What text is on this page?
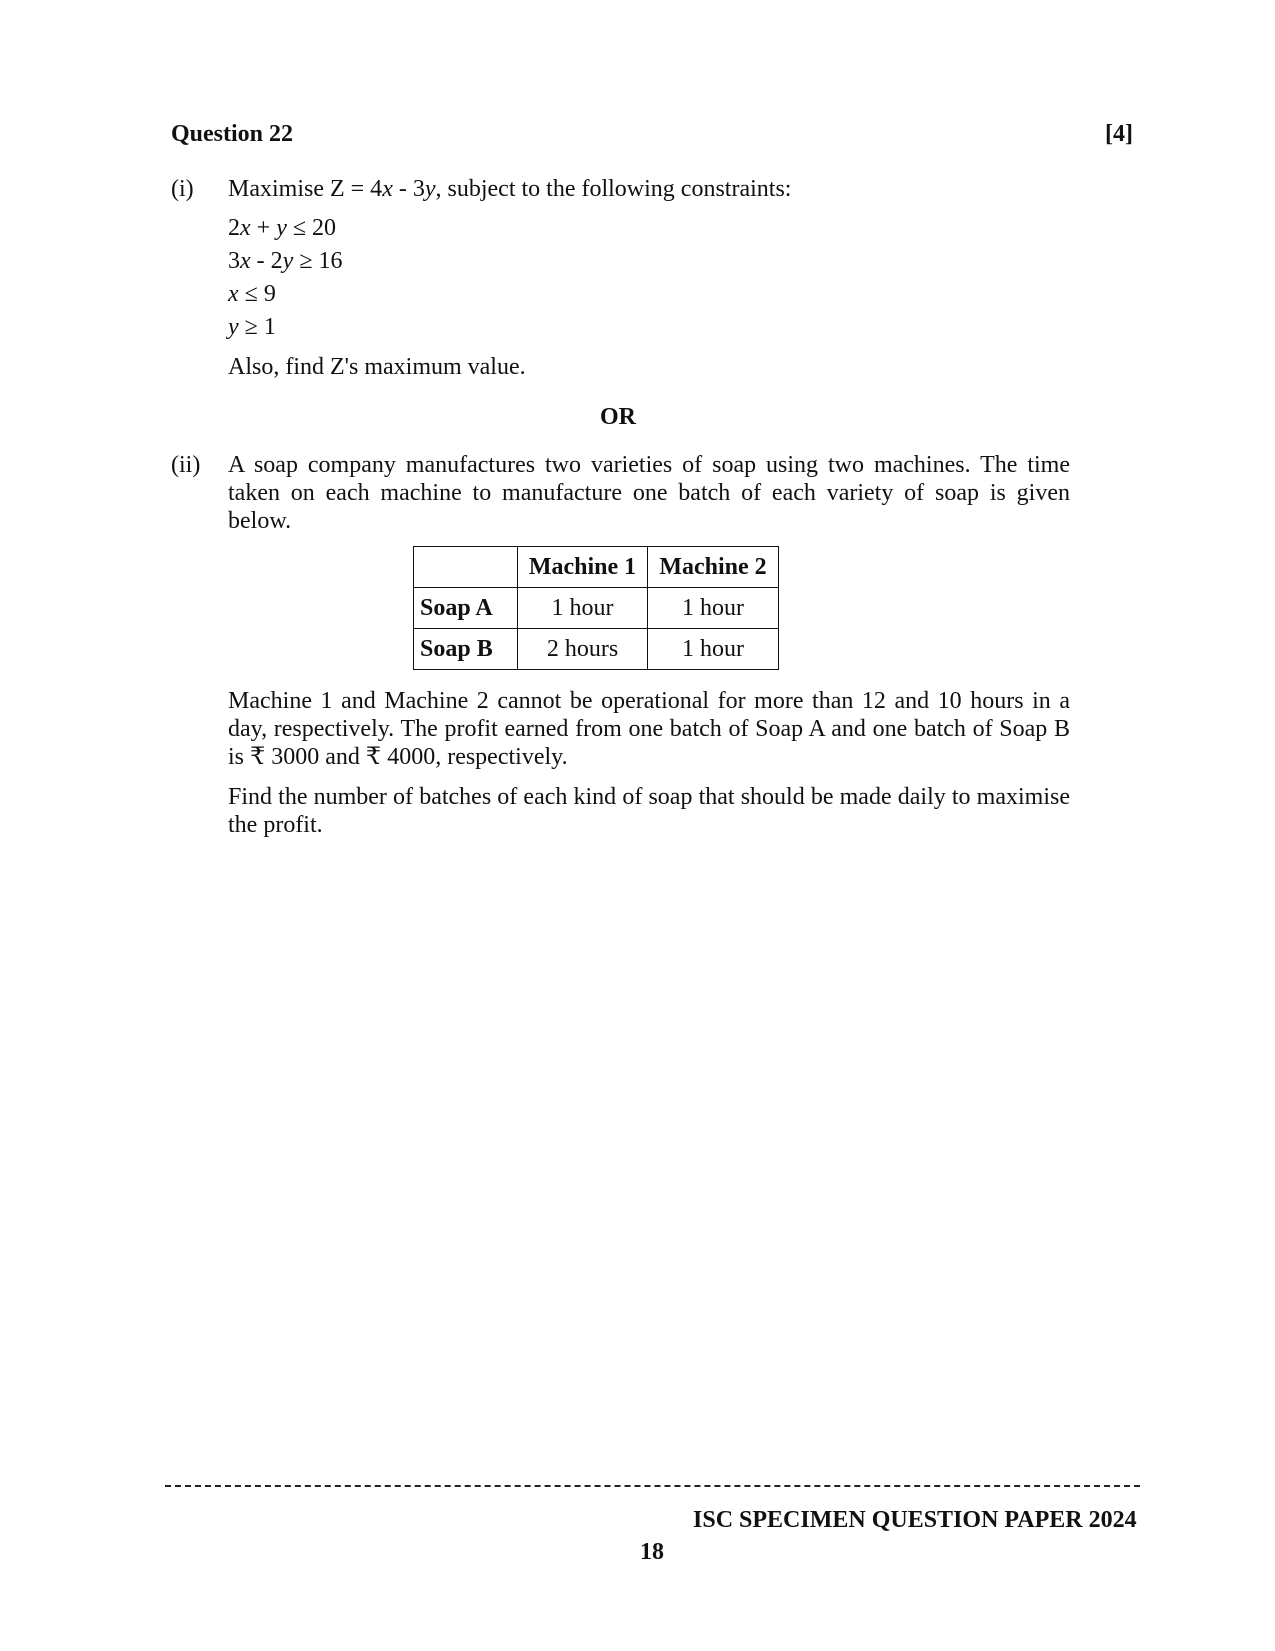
Question 22	[4]
(i) Maximise Z = 4x - 3y, subject to the following constraints:
2x + y ≤ 20
3x - 2y ≥ 16
x ≤ 9
y ≥ 1
Also, find Z's maximum value.
OR
(ii) A soap company manufactures two varieties of soap using two machines. The time taken on each machine to manufacture one batch of each variety of soap is given below.
	Machine 1	Machine 2
Soap A	1 hour	1 hour
Soap B	2 hours	1 hour
Machine 1 and Machine 2 cannot be operational for more than 12 and 10 hours in a day, respectively. The profit earned from one batch of Soap A and one batch of Soap B is ₹ 3000 and ₹ 4000, respectively.
Find the number of batches of each kind of soap that should be made daily to maximise the profit.
ISC SPECIMEN QUESTION PAPER 2024
18
